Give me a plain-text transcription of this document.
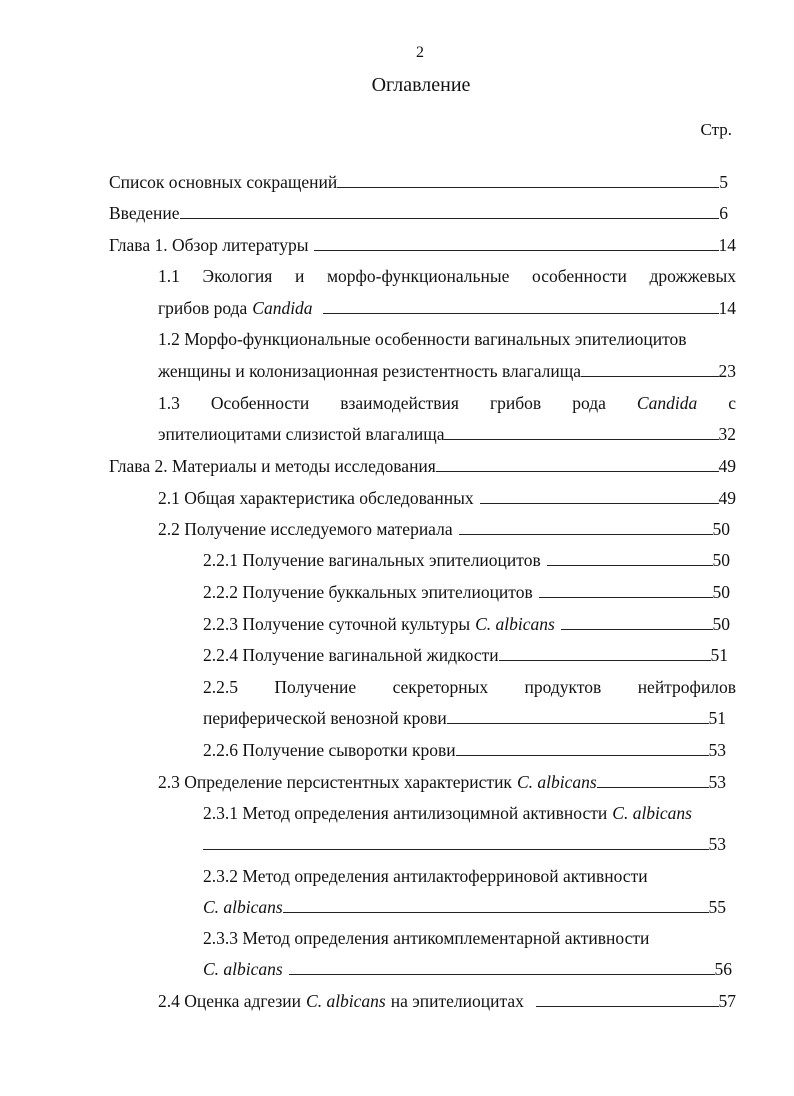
2
Оглавление
Стр.
Список основных сокращений	5
Введение	6
Глава 1. Обзор литературы	14
1.1 Экология и морфо-функциональные особенности дрожжевых
грибов рода Candida	14
1.2 Морфо-функциональные особенности вагинальных эпителиоцитов
женщины и колонизационная резистентность влагалища	23
1.3 Особенности взаимодействия грибов рода Candida с
эпителиоцитами слизистой влагалища	32
Глава 2. Материалы и методы исследования	49
2.1 Общая характеристика обследованных	49
2.2 Получение исследуемого материала	50
2.2.1 Получение вагинальных эпителиоцитов	50
2.2.2 Получение буккальных эпителиоцитов	50
2.2.3 Получение суточной культуры C. albicans	50
2.2.4 Получение вагинальной жидкости	51
2.2.5 Получение секреторных продуктов нейтрофилов
периферической венозной крови	51
2.2.6 Получение сыворотки крови	53
2.3 Определение персистентных характеристик C. albicans	53
2.3.1 Метод определения антилизоцимной активности C. albicans
53
2.3.2 Метод определения антилактоферриновой активности
C. albicans	55
2.3.3 Метод определения антикомплементарной активности
C. albicans	56
2.4 Оценка адгезии C. albicans на эпителиоцитах	57
